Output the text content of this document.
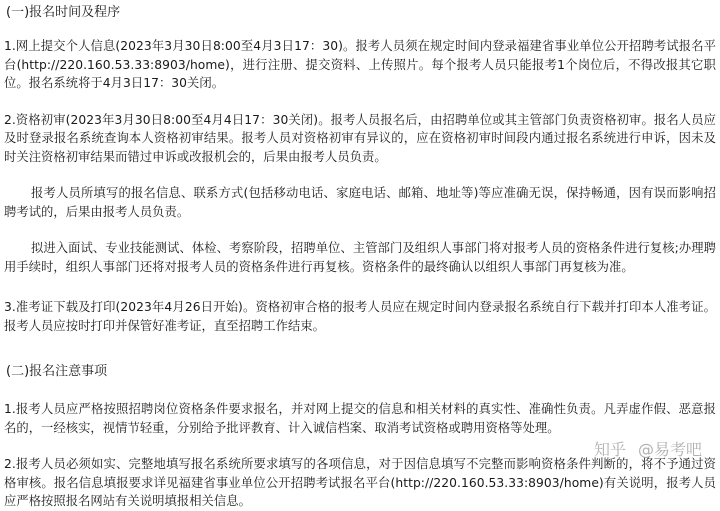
(一)报名时间及程序

1.网上提交个人信息(2023年3月30日8:00至4月3日17：30)。报考人员须在规定时间内登录福建省事业单位公开招聘考试报名平台(http://220.160.53.33:8903/home)，进行注册、提交资料、上传照片。每个报考人员只能报考1个岗位后，不得改报其它职位。报名系统将于4月3日17：30关闭。

2.资格初审(2023年3月30日8:00至4月4日17：30关闭)。报考人员报名后，由招聘单位或其主管部门负责资格初审。报名人员应及时登录报名系统查询本人资格初审结果。报考人员对资格初审有异议的，应在资格初审时间段内通过报名系统进行申诉，因未及时关注资格初审结果而错过申诉或改报机会的，后果由报考人员负责。

报考人员所填写的报名信息、联系方式(包括移动电话、家庭电话、邮箱、地址等)等应准确无误，保持畅通，因有误而影响招聘考试的，后果由报考人员负责。

拟进入面试、专业技能测试、体检、考察阶段，招聘单位、主管部门及组织人事部门将对报考人员的资格条件进行复核;办理聘用手续时，组织人事部门还将对报考人员的资格条件进行再复核。资格条件的最终确认以组织人事部门再复核为准。

3.准考证下载及打印(2023年4月26日开始)。资格初审合格的报考人员应在规定时间内登录报名系统自行下载并打印本人准考证。报考人员应按时打印并保管好准考证，直至招聘工作结束。

(二)报名注意事项

1.报考人员应严格按照招聘岗位资格条件要求报名，并对网上提交的信息和相关材料的真实性、准确性负责。凡弄虚作假、恶意报名的，一经核实，视情节轻重，分别给予批评教育、计入诚信档案、取消考试资格或聘用资格等处理。

2.报考人员必须如实、完整地填写报名系统所要求填写的各项信息，对于因信息填写不完整而影响资格条件判断的，将不予通过资格审核。报名信息填报要求详见福建省事业单位公开招聘考试报名平台(http://220.160.53.33:8903/home)有关说明，报考人员应严格按照报名网站有关说明填报相关信息。

知乎 @易考吧
